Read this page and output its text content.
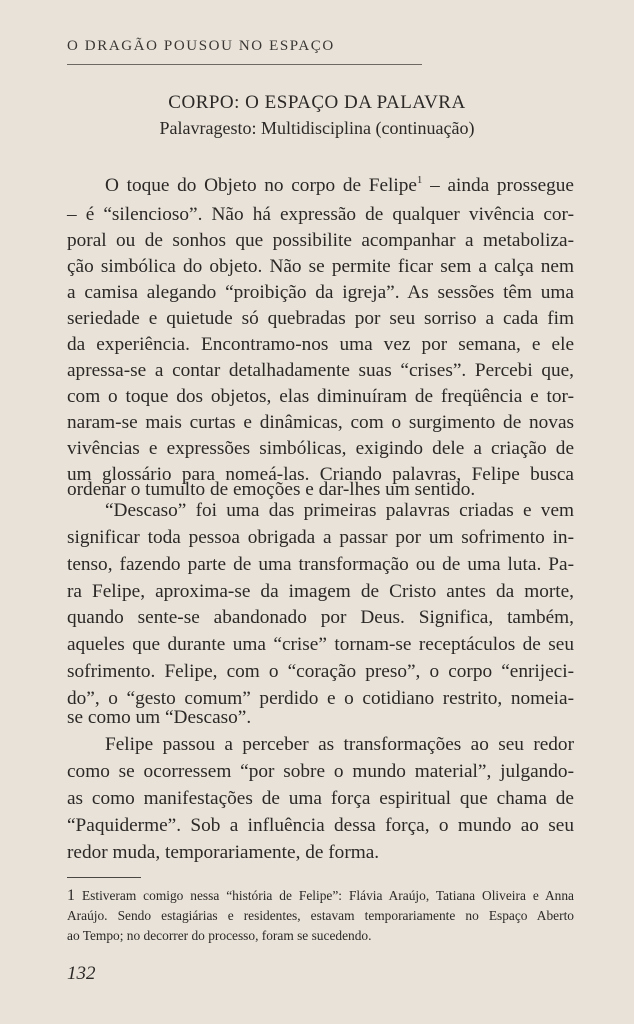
O DRAGÃO POUSOU NO ESPAÇO
CORPO: O ESPAÇO DA PALAVRA
Palavragesto: Multidisciplina (continuação)
O toque do Objeto no corpo de Felipe$^1$ – ainda prossegue
– é “silencioso”. Não há expressão de qualquer vivência cor-
poral ou de sonhos que possibilite acompanhar a metaboliza-
ção simbólica do objeto. Não se permite ficar sem a calça nem
a camisa alegando “proibição da igreja”. As sessões têm uma
seriedade e quietude só quebradas por seu sorriso a cada fim
da experiência. Encontramo-nos uma vez por semana, e ele
apressa-se a contar detalhadamente suas “crises”. Percebi que,
com o toque dos objetos, elas diminuíram de freqüência e tor-
naram-se mais curtas e dinâmicas, com o surgimento de novas
vivências e expressões simbólicas, exigindo dele a criação de
um glossário para nomeá-las. Criando palavras, Felipe busca
ordenar o tumulto de emoções e dar-lhes um sentido.
“Descaso” foi uma das primeiras palavras criadas e vem
significar toda pessoa obrigada a passar por um sofrimento in-
tenso, fazendo parte de uma transformação ou de uma luta. Pa-
ra Felipe, aproxima-se da imagem de Cristo antes da morte,
quando sente-se abandonado por Deus. Significa, também,
aqueles que durante uma “crise” tornam-se receptáculos de seu
sofrimento. Felipe, com o “coração preso”, o corpo “enrijeci-
do”, o “gesto comum” perdido e o cotidiano restrito, nomeia-
se como um “Descaso”.
Felipe passou a perceber as transformações ao seu redor
como se ocorressem “por sobre o mundo material”, julgando-
as como manifestações de uma força espiritual que chama de
“Paquiderme”. Sob a influência dessa força, o mundo ao seu
1 Estiveram comigo nessa “história de Felipe”: Flávia Araújo, Tatiana Oliveira e Anna
Araújo. Sendo estagiárias e residentes, estavam temporariamente no Espaço Aberto
ao Tempo; no decorrer do processo, foram se sucedendo.
132
redor muda, temporariamente, de forma.
